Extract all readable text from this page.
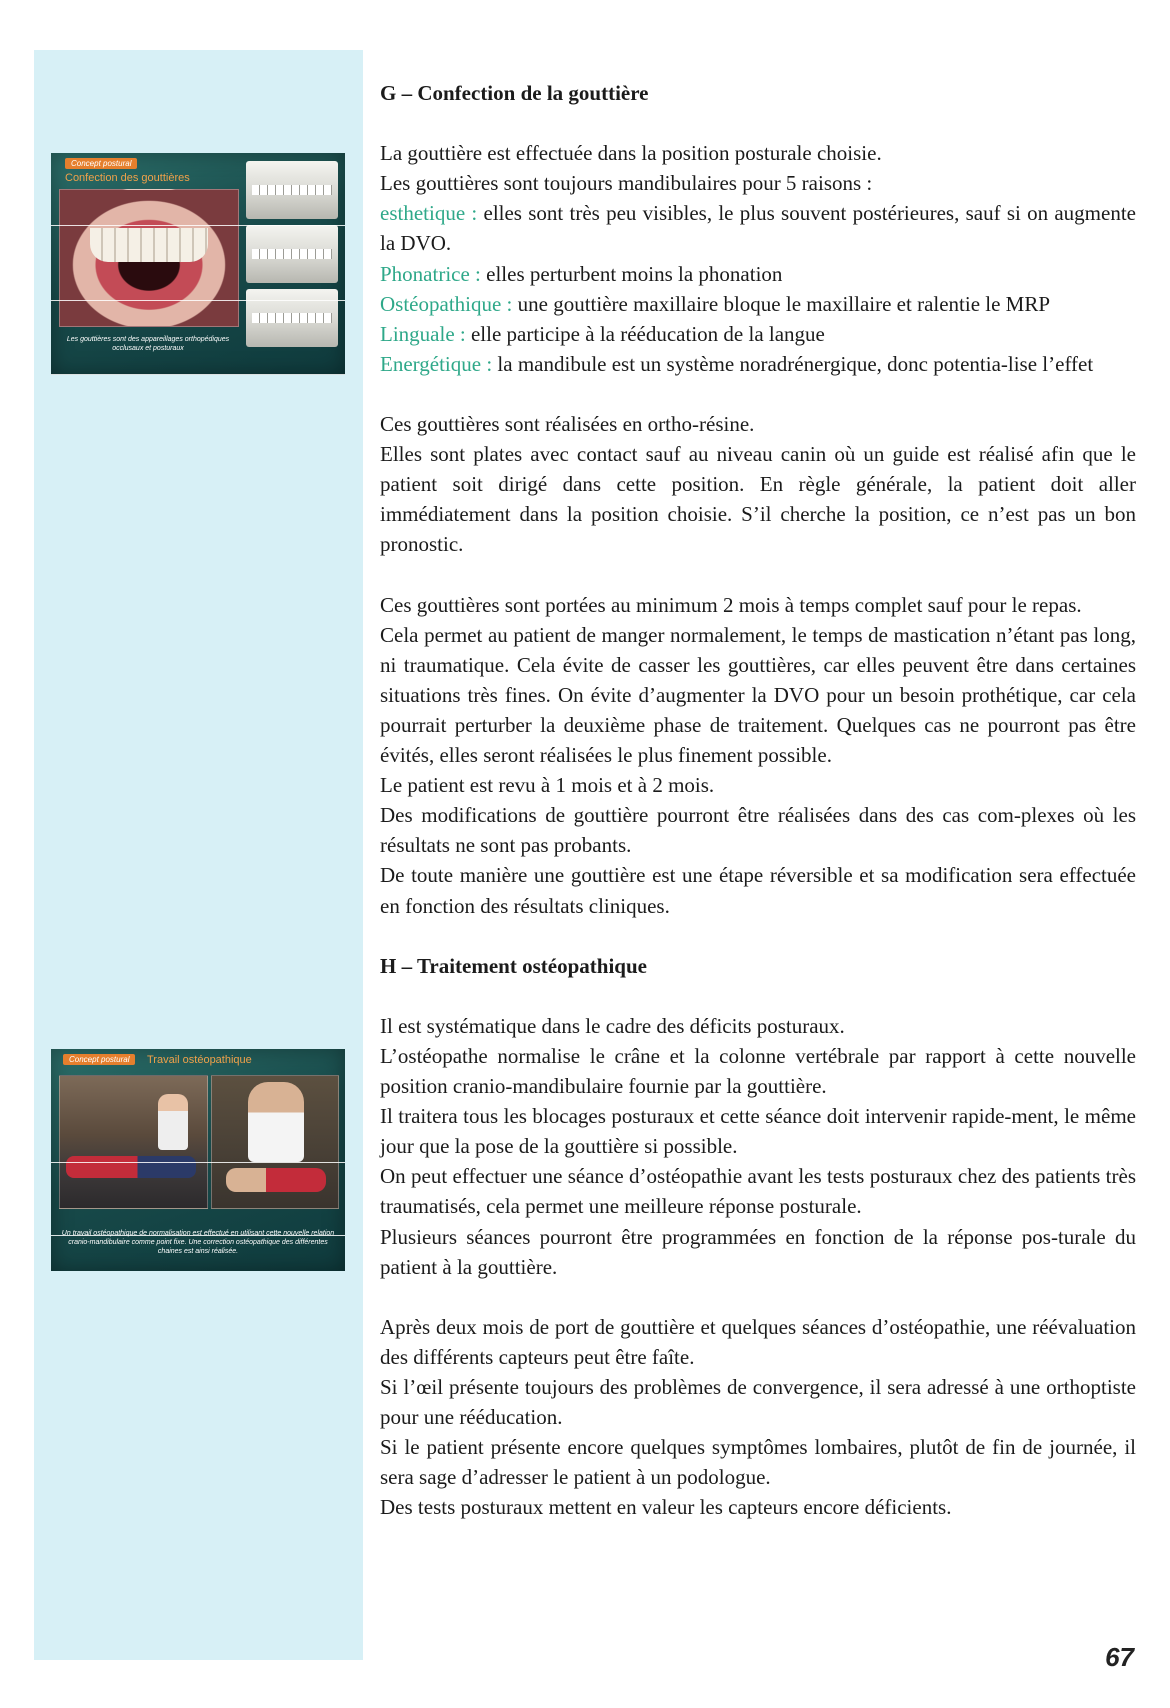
Concept postural
Confection des gouttières
Les gouttières sont des appareillages orthopédiques occlusaux et posturaux
Concept postural	Travail ostéopathique
Un travail ostéopathique de normalisation est effectué en utilisant cette nouvelle relation cranio-mandibulaire comme point fixe. Une correction ostéopathique des différentes chaines est ainsi réalisée.
G – Confection de la gouttière

La gouttière est effectuée dans la position posturale choisie.

Les gouttières sont toujours mandibulaires pour 5 raisons :

esthetique : elles sont très peu visibles, le plus souvent postérieures, sauf si on augmente la DVO.

Phonatrice : elles perturbent moins la phonation

Ostéopathique : une gouttière maxillaire bloque le maxillaire et ralentie le MRP

Linguale : elle participe à la rééducation de la langue

Energétique : la mandibule est un système noradrénergique, donc potentia-lise l’effet

Ces gouttières sont réalisées en ortho-résine.

Elles sont plates avec contact sauf au niveau canin où un guide est réalisé afin que le patient soit dirigé dans cette position. En règle générale, la patient doit aller immédiatement dans la position choisie. S’il cherche la position, ce n’est pas un bon pronostic.

Ces gouttières sont portées au minimum 2 mois à temps complet sauf pour le repas.

Cela permet au patient de manger normalement, le temps de mastication n’étant pas long, ni traumatique. Cela évite de casser les gouttières, car elles peuvent être dans certaines situations très fines. On évite d’augmenter la DVO pour un besoin prothétique, car cela pourrait perturber la deuxième phase de traitement. Quelques cas ne pourront pas être évités, elles seront réalisées le plus finement possible.

Le patient est revu à 1 mois et à 2 mois.

Des modifications de gouttière pourront être réalisées dans des cas com-plexes où les résultats ne sont pas probants.

De toute manière une gouttière est une étape réversible et sa modification sera effectuée en fonction des résultats cliniques.

H – Traitement ostéopathique

Il est systématique dans le cadre des déficits posturaux.

L’ostéopathe normalise le crâne et la colonne vertébrale par rapport à cette nouvelle position cranio-mandibulaire fournie par la gouttière.

Il traitera tous les blocages posturaux et cette séance doit intervenir rapide-ment, le même jour que la pose de la gouttière si possible.

On peut effectuer une séance d’ostéopathie avant les tests posturaux chez des patients très traumatisés, cela permet une meilleure réponse posturale.

Plusieurs séances pourront être programmées en fonction de la réponse pos-turale du patient à la gouttière.

Après deux mois de port de gouttière et quelques séances d’ostéopathie, une réévaluation des différents capteurs peut être faîte.

Si l’œil présente toujours des problèmes de convergence, il sera adressé à une orthoptiste pour une rééducation.

Si le patient présente encore quelques symptômes lombaires, plutôt de fin de journée, il sera sage d’adresser le patient à un podologue.

Des tests posturaux mettent en valeur les capteurs encore déficients.

67
